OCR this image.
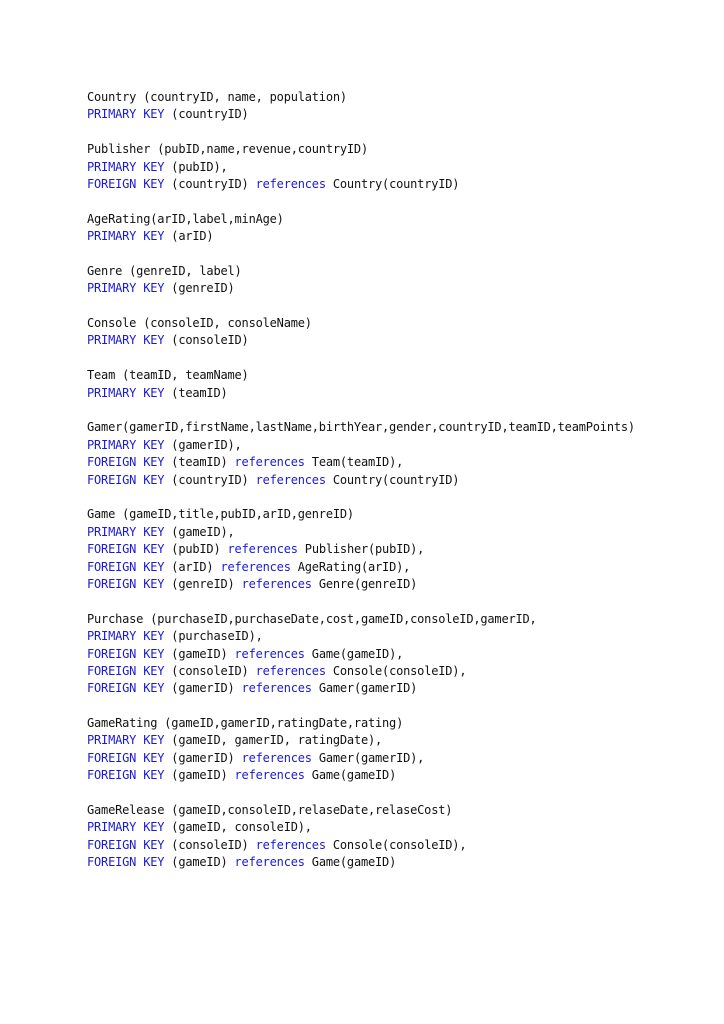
Country (countryID, name, population)
PRIMARY KEY (countryID)
Publisher (pubID,name,revenue,countryID)
PRIMARY KEY (pubID),
FOREIGN KEY (countryID) references Country(countryID)
AgeRating(arID,label,minAge)
PRIMARY KEY (arID)
Genre (genreID, label)
PRIMARY KEY (genreID)
Console (consoleID, consoleName)
PRIMARY KEY (consoleID)
Team (teamID, teamName)
PRIMARY KEY (teamID)
Gamer(gamerID,firstName,lastName,birthYear,gender,countryID,teamID,teamPoints)
PRIMARY KEY (gamerID),
FOREIGN KEY (teamID) references Team(teamID),
FOREIGN KEY (countryID) references Country(countryID)
Game (gameID,title,pubID,arID,genreID)
PRIMARY KEY (gameID),
FOREIGN KEY (pubID) references Publisher(pubID),
FOREIGN KEY (arID) references AgeRating(arID),
FOREIGN KEY (genreID) references Genre(genreID)
Purchase (purchaseID,purchaseDate,cost,gameID,consoleID,gamerID,
PRIMARY KEY (purchaseID),
FOREIGN KEY (gameID) references Game(gameID),
FOREIGN KEY (consoleID) references Console(consoleID),
FOREIGN KEY (gamerID) references Gamer(gamerID)
GameRating (gameID,gamerID,ratingDate,rating)
PRIMARY KEY (gameID, gamerID, ratingDate),
FOREIGN KEY (gamerID) references Gamer(gamerID),
FOREIGN KEY (gameID) references Game(gameID)
GameRelease (gameID,consoleID,relaseDate,relaseCost)
PRIMARY KEY (gameID, consoleID),
FOREIGN KEY (consoleID) references Console(consoleID),
FOREIGN KEY (gameID) references Game(gameID)
